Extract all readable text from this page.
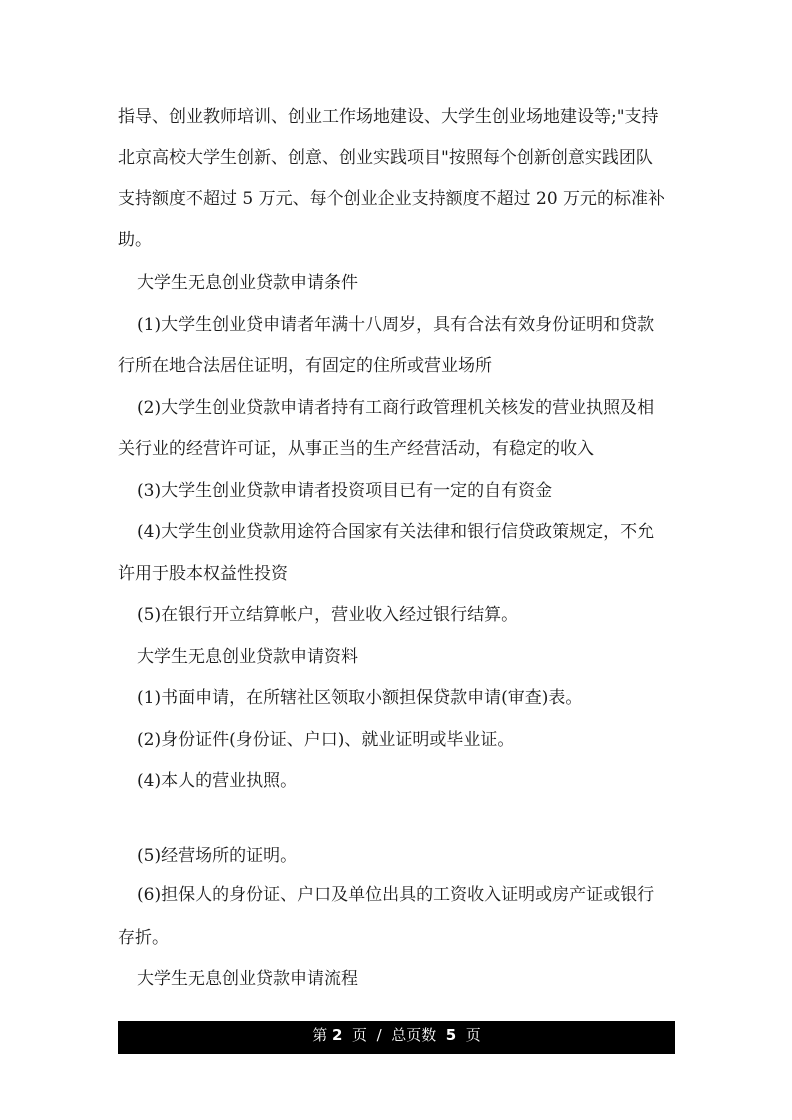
指导、创业教师培训、创业工作场地建设、大学生创业场地建设等;"支持
北京高校大学生创新、创意、创业实践项目"按照每个创新创意实践团队
支持额度不超过 5 万元、每个创业企业支持额度不超过 20 万元的标准补
助。
大学生无息创业贷款申请条件
(1)大学生创业贷申请者年满十八周岁，具有合法有效身份证明和贷款
行所在地合法居住证明，有固定的住所或营业场所
(2)大学生创业贷款申请者持有工商行政管理机关核发的营业执照及相
关行业的经营许可证，从事正当的生产经营活动，有稳定的收入
(3)大学生创业贷款申请者投资项目已有一定的自有资金
(4)大学生创业贷款用途符合国家有关法律和银行信贷政策规定，不允
许用于股本权益性投资
(5)在银行开立结算帐户，营业收入经过银行结算。
大学生无息创业贷款申请资料
(1)书面申请，在所辖社区领取小额担保贷款申请(审查)表。
(2)身份证件(身份证、户口)、就业证明或毕业证。
(4)本人的营业执照。
(5)经营场所的证明。
(6)担保人的身份证、户口及单位出具的工资收入证明或房产证或银行
存折。
大学生无息创业贷款申请流程
第 2 页 / 总页数 5 页
